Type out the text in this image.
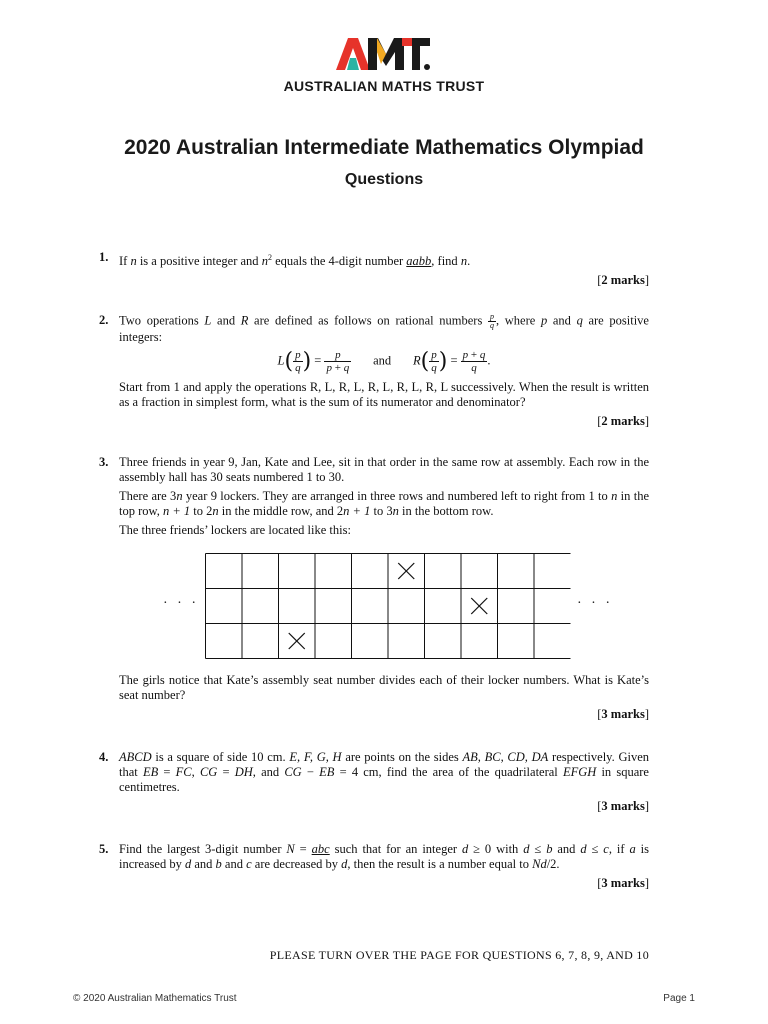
AUSTRALIAN MATHS TRUST
2020 Australian Intermediate Mathematics Olympiad
Questions
1. If n is a positive integer and $n^2$ equals the 4-digit number aabb, find n.

[2 marks]
2. Two operations L and R are defined as follows on rational numbers $\frac{p}{q}$ , where p and q are positive integers:

$L( \frac{p}{q}$ ) = $\frac{p}{p + q}$ and $R( \frac{p}{q}$ ) = $\frac{p + q}{q}$ .

Start from 1 and apply the operations R, L, R, L, R, L, R, L, R, L successively. When the result is written as a fraction in simplest form, what is the sum of its numerator and denominator?

[2 marks]
3. Three friends in year 9, Jan, Kate and Lee, sit in that order in the same row at assembly. Each row in the assembly hall has 30 seats numbered 1 to 30.

There are 3n year 9 lockers. They are arranged in three rows and numbered left to right from 1 to n in the top row, n + 1 to 2n in the middle row, and 2n + 1 to 3n in the bottom row.

The three friends’ lockers are located like this:

· · ·	· · ·

The girls notice that Kate’s assembly seat number divides each of their locker numbers. What is Kate’s seat number?

[3 marks]
4. ABCD is a square of side 10 cm. E, F, G, H are points on the sides AB, BC, CD, DA respectively. Given that EB = FC, CG = DH, and CG − EB = 4 cm, find the area of the quadrilateral EFGH in square centimetres.

[3 marks]
5. Find the largest 3-digit number N = abc such that for an integer d ≥ 0 with d ≤ b and d ≤ c, if a is increased by d and b and c are decreased by d, then the result is a number equal to Nd/2.

[3 marks]
PLEASE TURN OVER THE PAGE FOR QUESTIONS 6, 7, 8, 9, AND 10
© 2020 Australian Mathematics Trust	Page 1
